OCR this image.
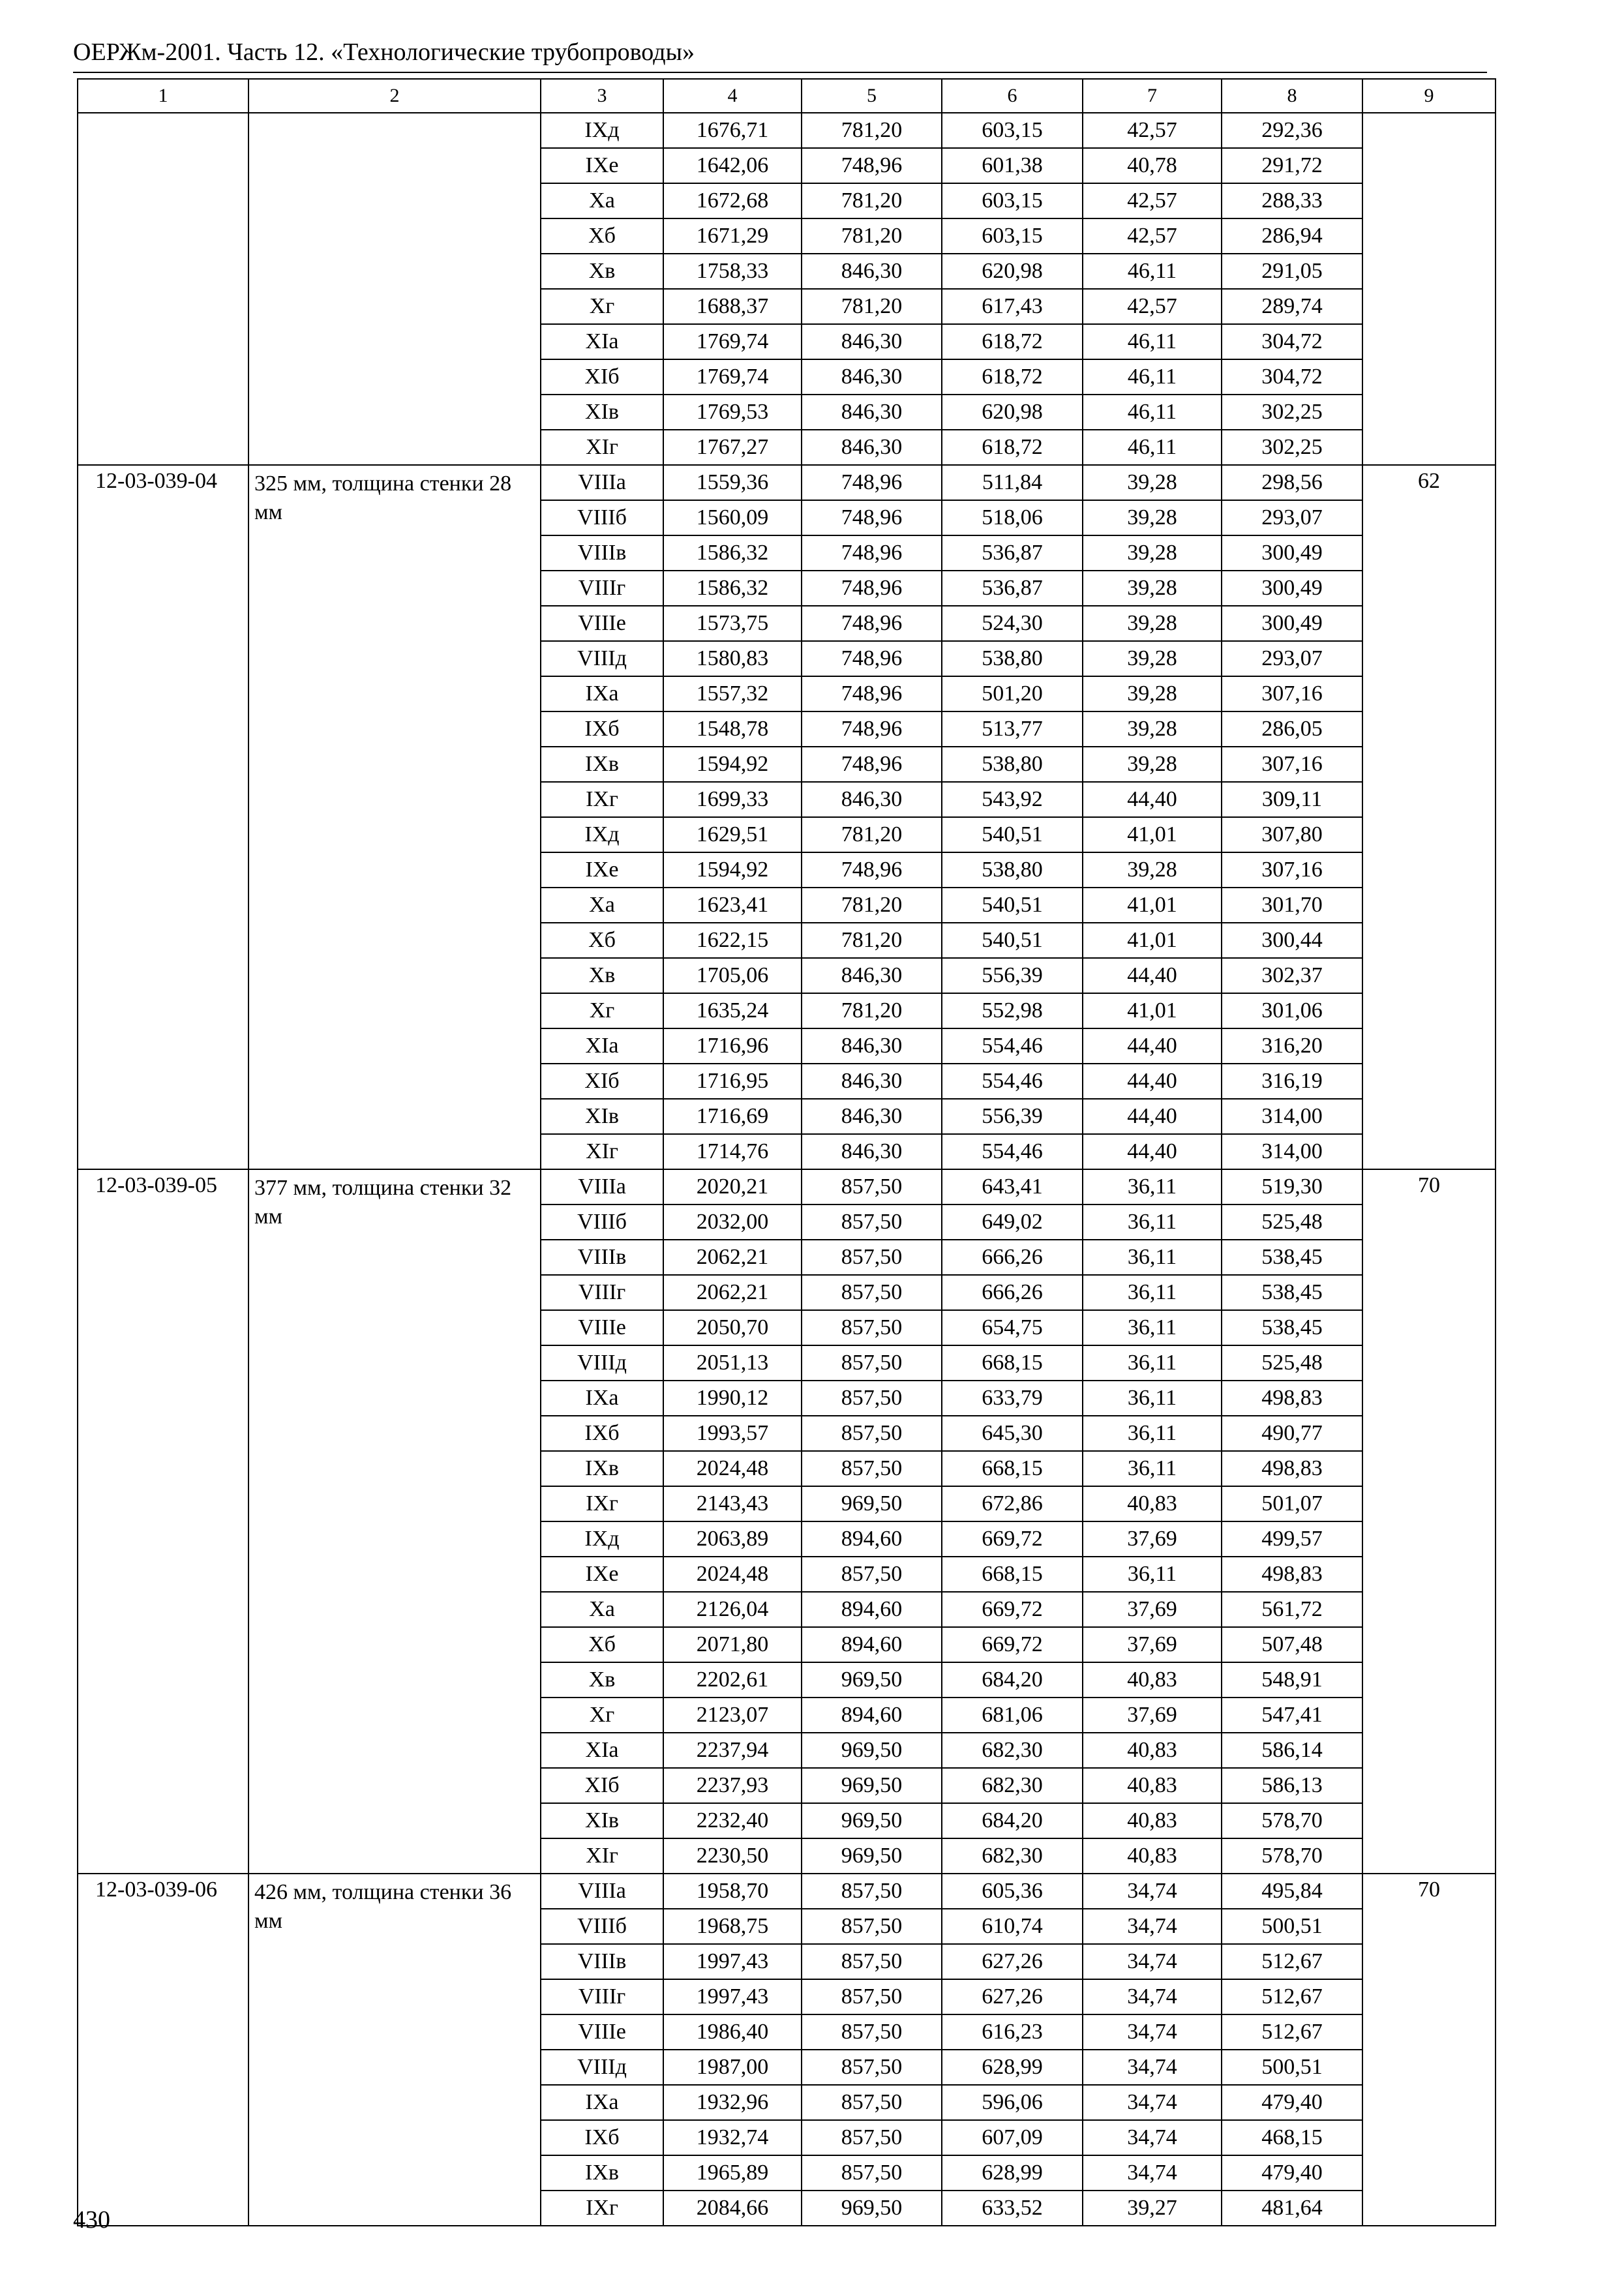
ОЕРЖм-2001. Часть 12. «Технологические трубопроводы»
1	2	3	4	5	6	7	8	9
		IXд	1676,71	781,20	603,15	42,57	292,36	
		IXе	1642,06	748,96	601,38	40,78	291,72	
		Xа	1672,68	781,20	603,15	42,57	288,33	
		Xб	1671,29	781,20	603,15	42,57	286,94	
		Xв	1758,33	846,30	620,98	46,11	291,05	
		Xг	1688,37	781,20	617,43	42,57	289,74	
		XIа	1769,74	846,30	618,72	46,11	304,72	
		XIб	1769,74	846,30	618,72	46,11	304,72	
		XIв	1769,53	846,30	620,98	46,11	302,25	
		XIг	1767,27	846,30	618,72	46,11	302,25	
12-03-039-04	325 мм, толщина стенки 28 мм	VIIIа	1559,36	748,96	511,84	39,28	298,56	62
		VIIIб	1560,09	748,96	518,06	39,28	293,07	
		VIIIв	1586,32	748,96	536,87	39,28	300,49	
		VIIIг	1586,32	748,96	536,87	39,28	300,49	
		VIIIе	1573,75	748,96	524,30	39,28	300,49	
		VIIIд	1580,83	748,96	538,80	39,28	293,07	
		IXа	1557,32	748,96	501,20	39,28	307,16	
		IXб	1548,78	748,96	513,77	39,28	286,05	
		IXв	1594,92	748,96	538,80	39,28	307,16	
		IXг	1699,33	846,30	543,92	44,40	309,11	
		IXд	1629,51	781,20	540,51	41,01	307,80	
		IXе	1594,92	748,96	538,80	39,28	307,16	
		Xа	1623,41	781,20	540,51	41,01	301,70	
		Xб	1622,15	781,20	540,51	41,01	300,44	
		Xв	1705,06	846,30	556,39	44,40	302,37	
		Xг	1635,24	781,20	552,98	41,01	301,06	
		XIа	1716,96	846,30	554,46	44,40	316,20	
		XIб	1716,95	846,30	554,46	44,40	316,19	
		XIв	1716,69	846,30	556,39	44,40	314,00	
		XIг	1714,76	846,30	554,46	44,40	314,00	
12-03-039-05	377 мм, толщина стенки 32 мм	VIIIа	2020,21	857,50	643,41	36,11	519,30	70
		VIIIб	2032,00	857,50	649,02	36,11	525,48	
		VIIIв	2062,21	857,50	666,26	36,11	538,45	
		VIIIг	2062,21	857,50	666,26	36,11	538,45	
		VIIIе	2050,70	857,50	654,75	36,11	538,45	
		VIIIд	2051,13	857,50	668,15	36,11	525,48	
		IXа	1990,12	857,50	633,79	36,11	498,83	
		IXб	1993,57	857,50	645,30	36,11	490,77	
		IXв	2024,48	857,50	668,15	36,11	498,83	
		IXг	2143,43	969,50	672,86	40,83	501,07	
		IXд	2063,89	894,60	669,72	37,69	499,57	
		IXе	2024,48	857,50	668,15	36,11	498,83	
		Xа	2126,04	894,60	669,72	37,69	561,72	
		Xб	2071,80	894,60	669,72	37,69	507,48	
		Xв	2202,61	969,50	684,20	40,83	548,91	
		Xг	2123,07	894,60	681,06	37,69	547,41	
		XIа	2237,94	969,50	682,30	40,83	586,14	
		XIб	2237,93	969,50	682,30	40,83	586,13	
		XIв	2232,40	969,50	684,20	40,83	578,70	
		XIг	2230,50	969,50	682,30	40,83	578,70	
12-03-039-06	426 мм, толщина стенки 36 мм	VIIIа	1958,70	857,50	605,36	34,74	495,84	70
		VIIIб	1968,75	857,50	610,74	34,74	500,51	
		VIIIв	1997,43	857,50	627,26	34,74	512,67	
		VIIIг	1997,43	857,50	627,26	34,74	512,67	
		VIIIе	1986,40	857,50	616,23	34,74	512,67	
		VIIIд	1987,00	857,50	628,99	34,74	500,51	
		IXа	1932,96	857,50	596,06	34,74	479,40	
		IXб	1932,74	857,50	607,09	34,74	468,15	
		IXв	1965,89	857,50	628,99	34,74	479,40	
		IXг	2084,66	969,50	633,52	39,27	481,64	
430
